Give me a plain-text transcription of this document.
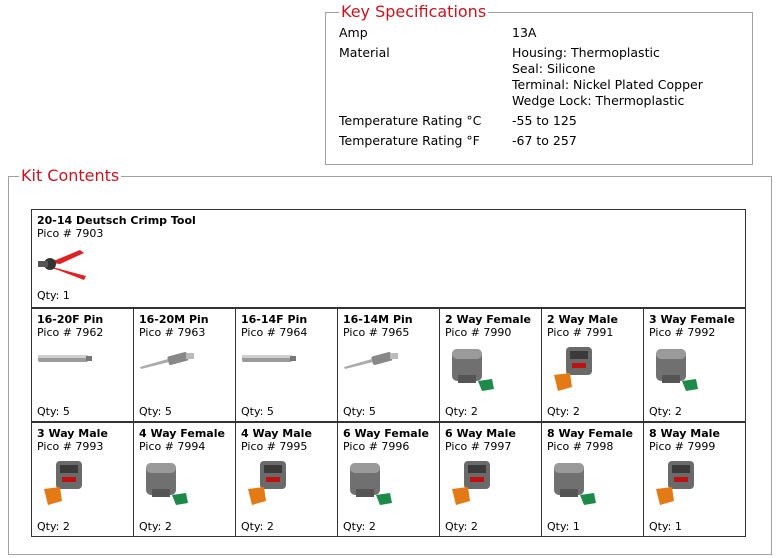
Key Specifications
Amp	13A

Material	Housing: Thermoplastic
Seal: Silicone
Terminal: Nickel Plated Copper
Wedge Lock: Thermoplastic

Temperature Rating °C	-55 to 125

Temperature Rating °F	-67 to 257
Kit Contents
20-14 Deutsch Crimp Tool
Pico # 7903
Qty: 1
16-20F Pin
Pico # 7962
Qty: 5
16-20M Pin
Pico # 7963
Qty: 5
16-14F Pin
Pico # 7964
Qty: 5
16-14M Pin
Pico # 7965
Qty: 5
2 Way Female
Pico # 7990
Qty: 2
2 Way Male
Pico # 7991
Qty: 2
3 Way Female
Pico # 7992
Qty: 2
3 Way Male
Pico # 7993
Qty: 2
4 Way Female
Pico # 7994
Qty: 2
4 Way Male
Pico # 7995
Qty: 2
6 Way Female
Pico # 7996
Qty: 2
6 Way Male
Pico # 7997
Qty: 2
8 Way Female
Pico # 7998
Qty: 1
8 Way Male
Pico # 7999
Qty: 1
